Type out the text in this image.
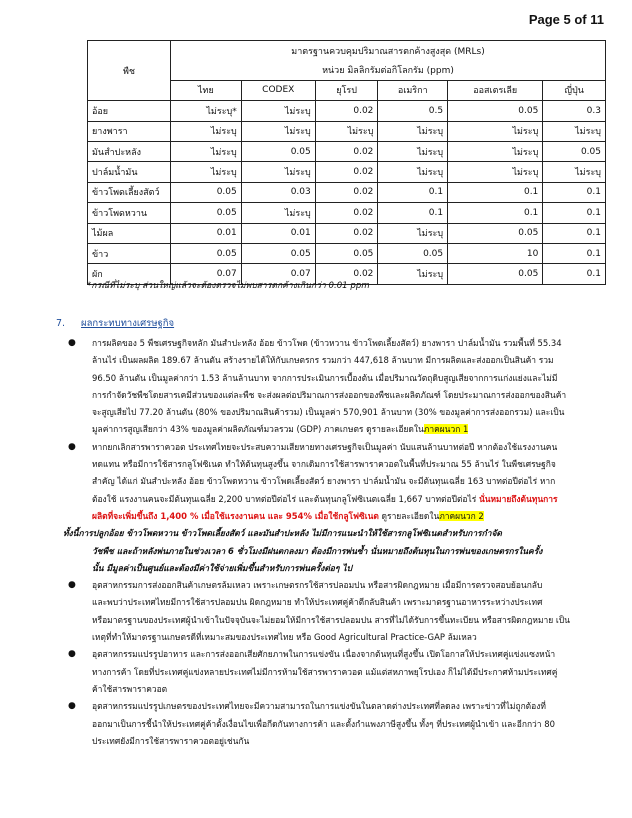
Page 5 of 11
พืช	มาตรฐานควบคุมปริมาณสารตกค้างสูงสุด (MRLs)					
	หน่วย มิลลิกรัมต่อกิโลกรัม (ppm)					
	ไทย	CODEX	ยุโรป	อเมริกา	ออสเตรเลีย	ญี่ปุ่น
อ้อย	ไม่ระบุ*	ไม่ระบุ	0.02	0.5	0.05	0.3
ยางพารา	ไม่ระบุ	ไม่ระบุ	ไม่ระบุ	ไม่ระบุ	ไม่ระบุ	ไม่ระบุ
มันสำปะหลัง	ไม่ระบุ	0.05	0.02	ไม่ระบุ	ไม่ระบุ	0.05
ปาล์มน้ำมัน	ไม่ระบุ	ไม่ระบุ	0.02	ไม่ระบุ	ไม่ระบุ	ไม่ระบุ
ข้าวโพดเลี้ยงสัตว์	0.05	0.03	0.02	0.1	0.1	0.1
ข้าวโพดหวาน	0.05	ไม่ระบุ	0.02	0.1	0.1	0.1
ไม้ผล	0.01	0.01	0.02	ไม่ระบุ	0.05	0.1
ข้าว	0.05	0.05	0.05	0.05	10	0.1
ผัก	0.07	0.07	0.02	ไม่ระบุ	0.05	0.1
*กรณีที่ไม่ระบุ ส่วนใหญ่แล้วจะต้องตรวจไม่พบสารตกค้างเกินกว่า 0.01 ppm
7. ผลกระทบทางเศรษฐกิจ
● การผลิตของ 5 พืชเศรษฐกิจหลัก มันสำปะหลัง อ้อย ข้าวโพด (ข้าวหวาน ข้าวโพดเลี้ยงสัตว์) ยางพารา ปาล์มน้ำมัน รวมพื้นที่ 55.34
ล้านไร่ เป็นผลผลิต 189.67 ล้านตัน สร้างรายได้ให้กับเกษตรกร รวมกว่า 447,618 ล้านบาท มีการผลิตและส่งออกเป็นสินค้า รวม
96.50 ล้านตัน เป็นมูลค่ากว่า 1.53 ล้านล้านบาท จากการประเมินการเบื้องต้น เมื่อปริมาณวัตถุดิบสูญเสียจากการแก่งแย่งและไม่มี
การกำจัดวัชพืชโดยสารเคมีส่วนของแต่ละพืช จะส่งผลต่อปริมาณการส่งออกของพืชและผลิตภัณฑ์ โดยประมาณการส่งออกของสินค้า
จะสูญเสียไป 77.20 ล้านตัน (80% ของปริมาณสินค้ารวม) เป็นมูลค่า 570,901 ล้านบาท (30% ของมูลค่าการส่งออกรวม) และเป็น
มูลค่าการสูญเสียกว่า 43% ของมูลค่าผลิตภัณฑ์มวลรวม (GDP) ภาคเกษตร ดูรายละเอียดในภาคผนวก 1
● หากยกเลิกสารพาราควอต ประเทศไทยจะประสบความเสียหายทางเศรษฐกิจเป็นมูลค่า นับแสนล้านบาทต่อปี หากต้องใช้แรงงานคน
ทดแทน หรือมีการใช้สารกลูโฟซิเนต ทำให้ต้นทุนสูงขึ้น จากเดิมการใช้สารพาราควอตในพื้นที่ประมาณ 55 ล้านไร่ ในพืชเศรษฐกิจ
สำคัญ ได้แก่ มันสำปะหลัง อ้อย ข้าวโพดหวาน ข้าวโพดเลี้ยงสัตว์ ยางพารา ปาล์มน้ำมัน จะมีต้นทุนเฉลี่ย 163 บาทต่อปีต่อไร่ หาก
ต้องใช้ แรงงานคนจะมีต้นทุนเฉลี่ย 2,200 บาทต่อปีต่อไร่ และต้นทุนกลูโฟซิเนตเฉลี่ย 1,667 บาทต่อปีต่อไร่ นั่นหมายถึงต้นทุนการ
ผลิตที่จะเพิ่มขึ้นถึง 1,400 % เมื่อใช้แรงงานคน และ 954% เมื่อใช้กลูโฟซิเนต ดูรายละเอียดในภาคผนวก 2
ทั้งนี้การปลูกอ้อย ข้าวโพดหวาน ข้าวโพดเลี้ยงสัตว์ และมันสำปะหลัง ไม่มีการแนะนำให้ใช้สารกลูโฟซิเนตสำหรับการกำจัด
วัชพืช และถ้าหลังพ่นภายในช่วงเวลา 6 ชั่วโมงมีฝนตกลงมา ต้องมีการพ่นซ้ำ นั่นหมายถึงต้นทุนในการพ่นของเกษตรกรในครั้ง
นั้น มีมูลค่าเป็นศูนย์และต้องมีค่าใช้จ่ายเพิ่มขึ้นสำหรับการพ่นครั้งต่อๆ ไป
● อุตสาหกรรมการส่งออกสินค้าเกษตรล้มเหลว เพราะเกษตรกรใช้สารปลอมปน หรือสารผิดกฎหมาย เมื่อมีการตรวจสอบย้อนกลับ
และพบว่าประเทศไทยมีการใช้สารปลอมปน ผิดกฎหมาย ทำให้ประเทศคู่ค้าตีกลับสินค้า เพราะมาตรฐานอาหารระหว่างประเทศ
หรือมาตรฐานของประเทศผู้นำเข้าในปัจจุบันจะไม่ยอมให้มีการใช้สารปลอมปน สารที่ไม่ได้รับการขึ้นทะเบียน หรือสารผิดกฎหมาย เป็น
เหตุที่ทำให้มาตรฐานเกษตรดีที่เหมาะสมของประเทศไทย หรือ Good Agricultural Practice-GAP ล้มเหลว
● อุตสาหกรรมแปรรูปอาหาร และการส่งออกเสียศักยภาพในการแข่งขัน เนื่องจากต้นทุนที่สูงขึ้น เปิดโอกาสให้ประเทศคู่แข่งแซงหน้า
ทางการค้า โดยที่ประเทศคู่แข่งหลายประเทศไม่มีการห้ามใช้สารพาราควอต แม้แต่สหภาพยุโรปเอง ก็ไม่ได้มีประกาศห้ามประเทศคู่
ค้าใช้สารพาราควอต
● อุตสาหกรรมแปรรูปเกษตรของประเทศไทยจะมีความสามารถในการแข่งขันในตลาดต่างประเทศที่ลดลง เพราะข่าวที่ไม่ถูกต้องที่
ออกมาเป็นการชี้นำให้ประเทศคู่ค้าตั้งเงื่อนไขเพื่อกีดกันทางการค้า และตั้งกำแพงภาษีสูงขึ้น ทั้งๆ ที่ประเทศผู้นำเข้า และอีกกว่า 80
ประเทศยังมีการใช้สารพาราควอตอยู่เช่นกัน
